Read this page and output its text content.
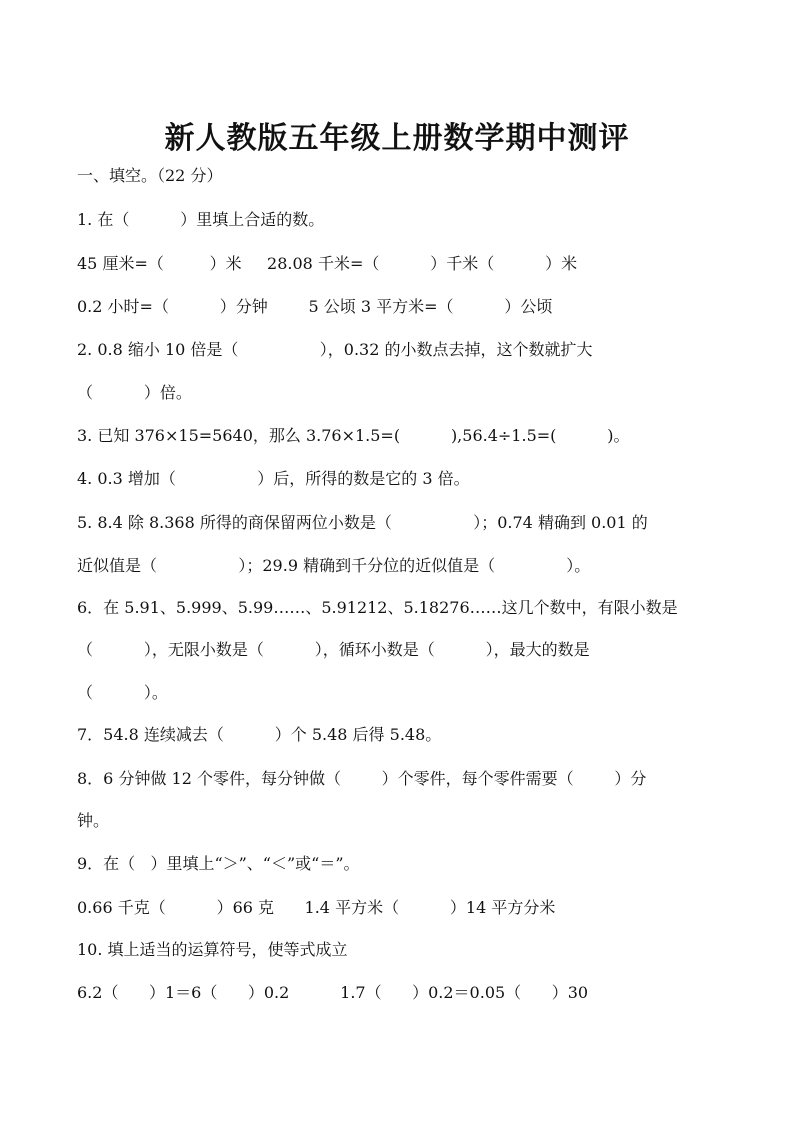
新人教版五年级上册数学期中测评
一、填空。（22 分）
1. 在（          ）里填上合适的数。
45 厘米=（         ）米     28.08 千米=（          ）千米（          ）米
0.2 小时=（          ）分钟        5 公顷 3 平方米=（          ）公顷
2. 0.8 缩小 10 倍是（                ），0.32 的小数点去掉，这个数就扩大
（          ）倍。
3. 已知 376×15=5640，那么 3.76×1.5=(          ),56.4÷1.5=(          )。
4. 0.3 增加（                ）后，所得的数是它的 3 倍。
5. 8.4 除 8.368 所得的商保留两位小数是（                ）；0.74 精确到 0.01 的
近似值是（                ）；29.9 精确到千分位的近似值是（              ）。
6．在 5.91、5.999、5.99……、5.91212、5.18276……这几个数中，有限小数是
（          ），无限小数是（          ），循环小数是（          ），最大的数是
（          ）。
7．54.8 连续减去（          ）个 5.48 后得 5.48。
8．6 分钟做 12 个零件，每分钟做（        ）个零件，每个零件需要（        ）分
钟。
9．在（   ）里填上“＞”、“＜”或“＝”。
0.66 千克（          ）66 克      1.4 平方米（          ）14 平方分米
10. 填上适当的运算符号，使等式成立
6.2（      ）1＝6（      ）0.2          1.7（      ）0.2＝0.05（      ）30
